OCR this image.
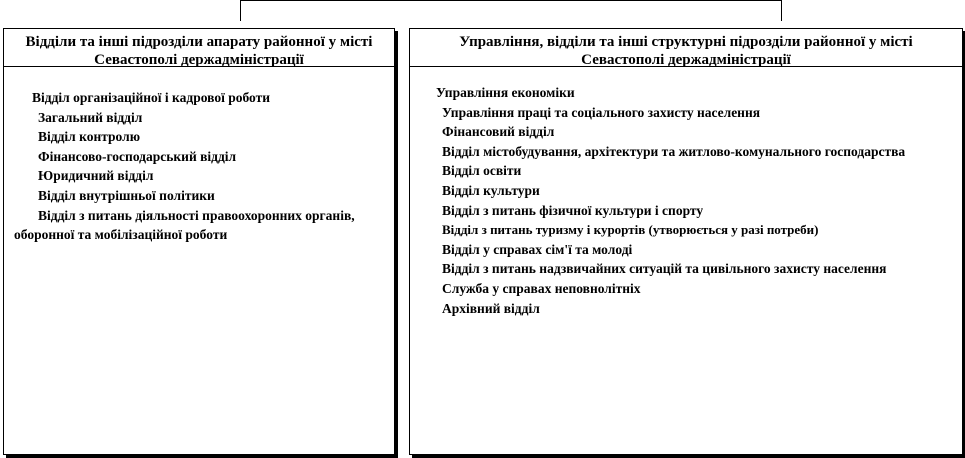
Відділи та інші підрозділи апарату районної у місті Севастополі держадміністрації
Відділ організаційної і кадрової роботи
Загальний відділ
Відділ контролю
Фінансово-господарський відділ
Юридичний відділ
Відділ внутрішньої політики
Відділ з питань діяльності правоохоронних органів, оборонної та мобілізаційної роботи
Управління, відділи та інші структурні підрозділи районної у місті Севастополі держадміністрації
Управління економіки
Управління праці та соціального захисту населення
Фінансовий відділ
Відділ містобудування, архітектури та житлово-комунального господарства
Відділ освіти
Відділ культури
Відділ з питань фізичної культури і спорту
Відділ з питань туризму і курортів (утворюється у разі потреби)
Відділ у справах сім'ї та молоді
Відділ з питань надзвичайних ситуацій та цивільного захисту населення
Служба у справах неповнолітніх
Архівний відділ
